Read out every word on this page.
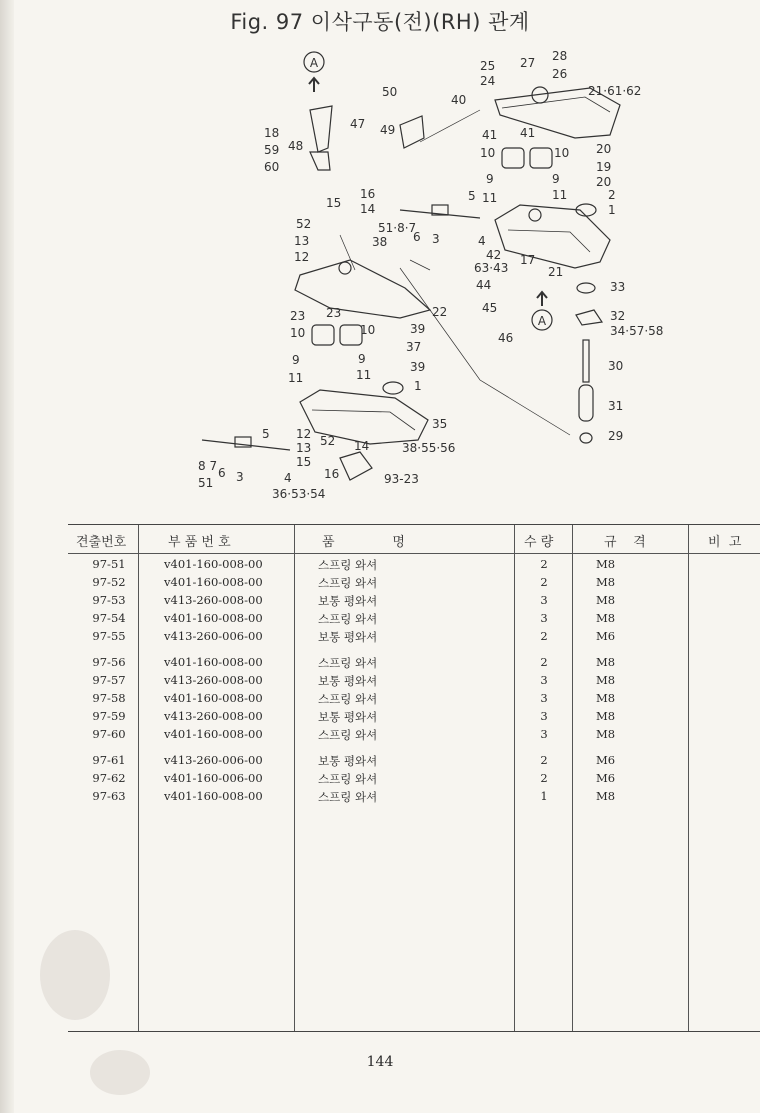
Fig. 97 이삭구동(전)(RH) 관계
A
A
25 27 28
24	26
21·61·62
50
40
47 49
18
59
60
48
41 41
10	10 20
19
9	9	20
11	11
5	2
1
16
15 14
52	51·8·7
6 3	4
13	38
12	42 17
63·43	21
33
44
45
32
34·57·58
46
23 23	22
10	10	39
37
9	9
39
11	11
1
30
31
35
29
5 12
13 52 14	38·55·56
15
16	93-23
8 7 6 3	4
51
36·53·54
견출번호	부 품 번 호	품              명	수 량	규    격	비  고
97-51	v401-160-008-00	스프링 와셔	2	M8
97-52	v401-160-008-00	스프링 와셔	2	M8
97-53	v413-260-008-00	보통 평와셔	3	M8
97-54	v401-160-008-00	스프링 와셔	3	M8
97-55	v413-260-006-00	보통 평와셔	2	M6
97-56	v401-160-008-00	스프링 와셔	2	M8
97-57	v413-260-008-00	보통 평와셔	3	M8
97-58	v401-160-008-00	스프링 와셔	3	M8
97-59	v413-260-008-00	보통 평와셔	3	M8
97-60	v401-160-008-00	스프링 와셔	3	M8
97-61	v413-260-006-00	보통 평와셔	2	M6
97-62	v401-160-006-00	스프링 와셔	2	M6
97-63	v401-160-008-00	스프링 와셔	1	M8
144
